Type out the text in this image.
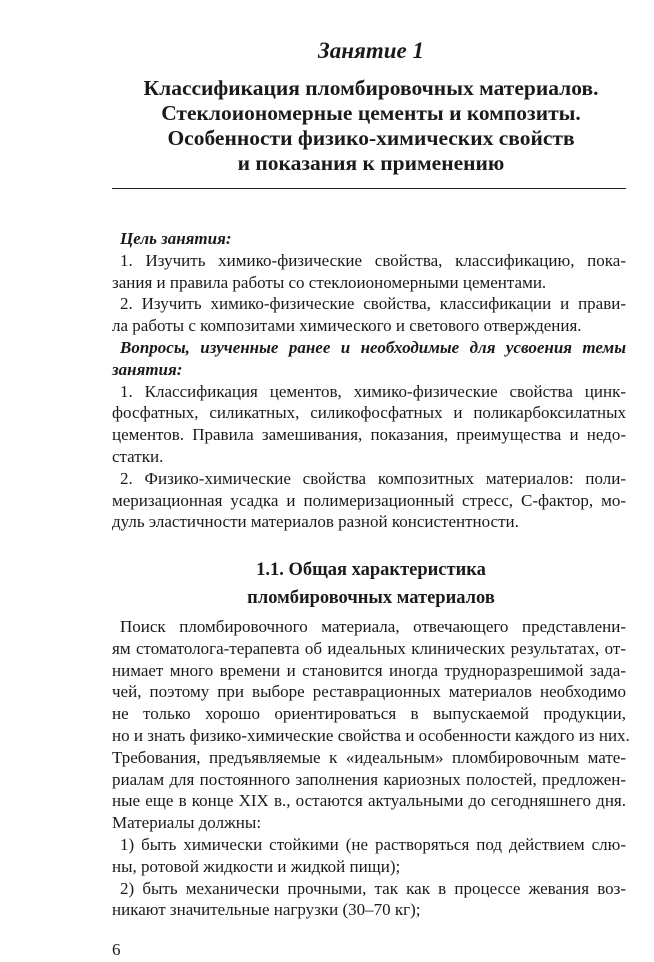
Занятие 1
Классификация пломбировочных материалов.
Стеклоиономерные цементы и композиты.
Особенности физико-химических свойств
и показания к применению
Цель занятия:

1. Изучить химико-физические свойства, классификацию, пока-
зания и правила работы со стеклоиономерными цементами.

2. Изучить химико-физические свойства, классификации и прави-
ла работы с композитами химического и светового отверждения.

Вопросы, изученные ранее и необходимые для усвоения темы
занятия:

1. Классификация цементов, химико-физические свойства цинк-
фосфатных, силикатных, силикофосфатных и поликарбоксилатных
цементов. Правила замешивания, показания, преимущества и недо-
статки.

2. Физико-химические свойства композитных материалов: поли-
меризационная усадка и полимеризационный стресс, С-фактор, мо-
дуль эластичности материалов разной консистентности.

1.1. Общая характеристика
пломбировочных материалов

Поиск пломбировочного материала, отвечающего представлени-
ям стоматолога-терапевта об идеальных клинических результатах, от-
нимает много времени и становится иногда трудноразрешимой зада-
чей, поэтому при выборе реставрационных материалов необходимо
не только хорошо ориентироваться в выпускаемой продукции,
но и знать физико-химические свойства и особенности каждого из них.
Требования, предъявляемые к «идеальным» пломбировочным мате-
риалам для постоянного заполнения кариозных полостей, предложен-
ные еще в конце XIX в., остаются актуальными до сегодняшнего дня.
Материалы должны:

1) быть химически стойкими (не растворяться под действием слю-
ны, ротовой жидкости и жидкой пищи);

2) быть механически прочными, так как в процессе жевания воз-
никают значительные нагрузки (30–70 кг);

6
